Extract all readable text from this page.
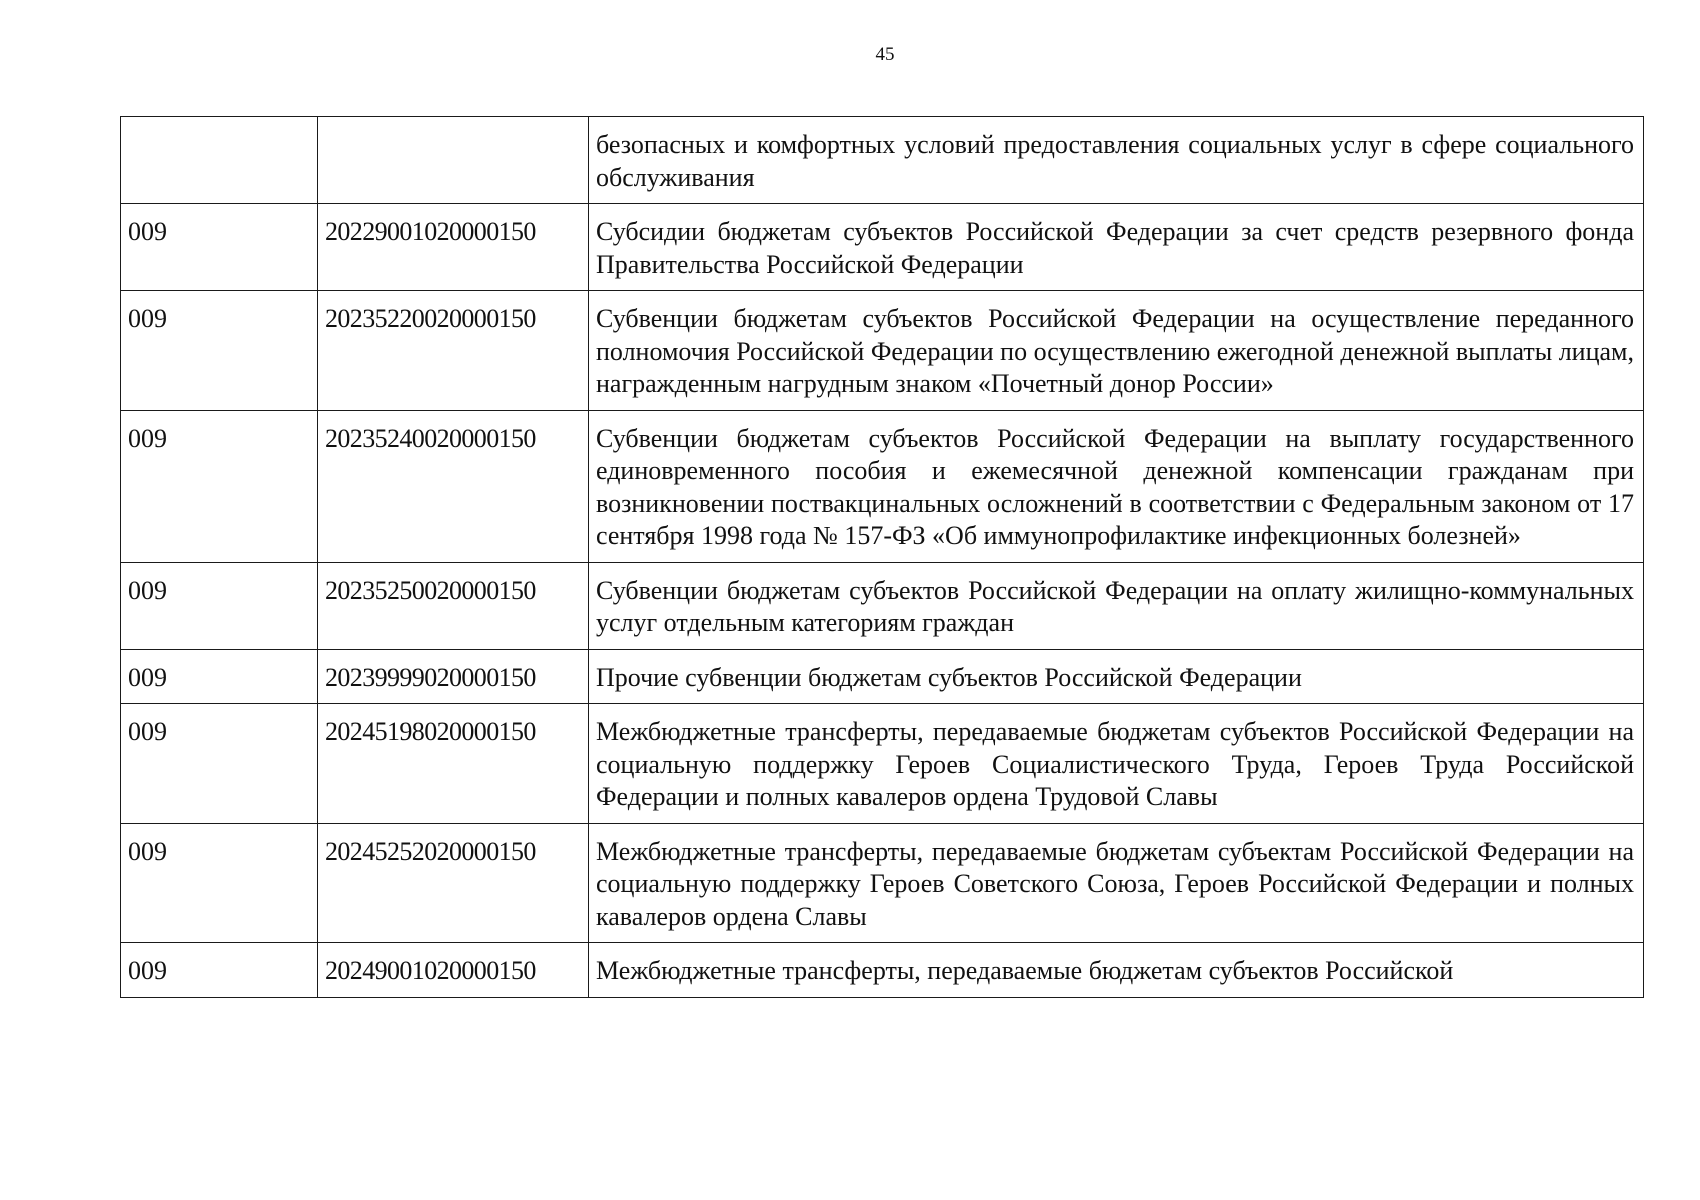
45
		безопасных и комфортных условий предоставления социальных услуг в сфере социального обслуживания
009	20229001020000150	Субсидии бюджетам субъектов Российской Федерации за счет средств резервного фонда Правительства Российской Федерации
009	20235220020000150	Субвенции бюджетам субъектов Российской Федерации на осуществление переданного полномочия Российской Федерации по осуществлению ежегодной денежной выплаты лицам, награжденным нагрудным знаком «Почетный донор России»
009	20235240020000150	Субвенции бюджетам субъектов Российской Федерации на выплату государственного единовременного пособия и ежемесячной денежной компенсации гражданам при возникновении поствакцинальных осложнений в соответствии с Федеральным законом от 17 сентября 1998 года № 157-ФЗ «Об иммунопрофилактике инфекционных болезней»
009	20235250020000150	Субвенции бюджетам субъектов Российской Федерации на оплату жилищно-коммунальных услуг отдельным категориям граждан
009	20239999020000150	Прочие субвенции бюджетам субъектов Российской Федерации
009	20245198020000150	Межбюджетные трансферты, передаваемые бюджетам субъектов Российской Федерации на социальную поддержку Героев Социалистического Труда, Героев Труда Российской Федерации и полных кавалеров ордена Трудовой Славы
009	20245252020000150	Межбюджетные трансферты, передаваемые бюджетам субъектам Российской Федерации на социальную поддержку Героев Советского Союза, Героев Российской Федерации и полных кавалеров ордена Славы
009	20249001020000150	Межбюджетные трансферты, передаваемые бюджетам субъектов Российской
